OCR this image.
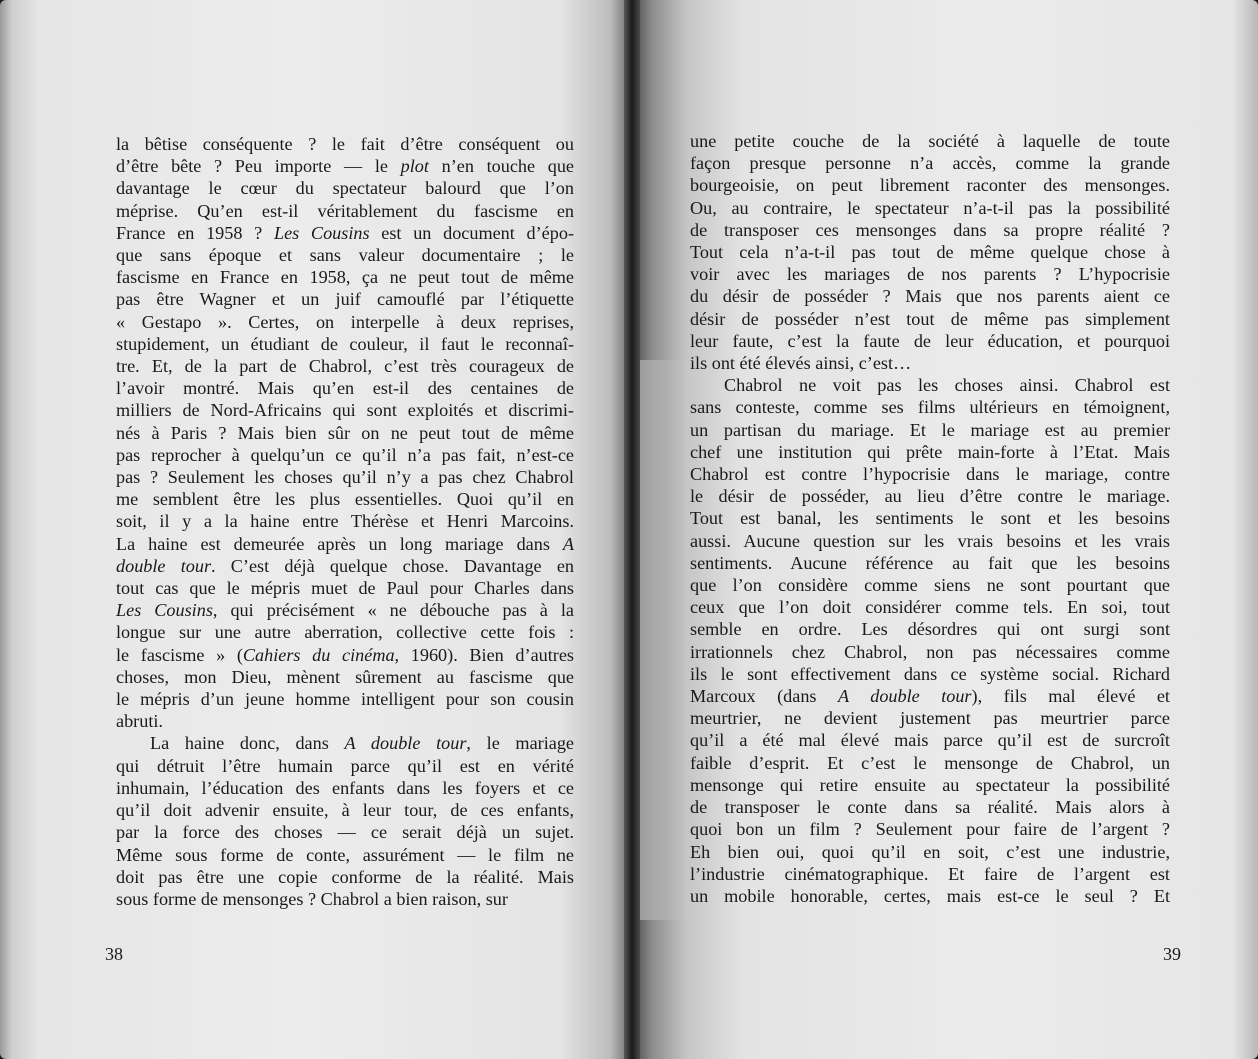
la bêtise conséquente ? le fait d’être conséquent ou
d’être bête ? Peu importe — le plot n’en touche que
davantage le cœur du spectateur balourd que l’on
méprise. Qu’en est-il véritablement du fascisme en
France en 1958 ? Les Cousins est un document d’épo-
que sans époque et sans valeur documentaire ; le
fascisme en France en 1958, ça ne peut tout de même
pas être Wagner et un juif camouflé par l’étiquette
« Gestapo ». Certes, on interpelle à deux reprises,
stupidement, un étudiant de couleur, il faut le reconnaî-
tre. Et, de la part de Chabrol, c’est très courageux de
l’avoir montré. Mais qu’en est-il des centaines de
milliers de Nord-Africains qui sont exploités et discrimi-
nés à Paris ? Mais bien sûr on ne peut tout de même
pas reprocher à quelqu’un ce qu’il n’a pas fait, n’est-ce
pas ? Seulement les choses qu’il n’y a pas chez Chabrol
me semblent être les plus essentielles. Quoi qu’il en
soit, il y a la haine entre Thérèse et Henri Marcoins.
La haine est demeurée après un long mariage dans A
double tour. C’est déjà quelque chose. Davantage en
tout cas que le mépris muet de Paul pour Charles dans
Les Cousins, qui précisément « ne débouche pas à la
longue sur une autre aberration, collective cette fois :
le fascisme » (Cahiers du cinéma, 1960). Bien d’autres
choses, mon Dieu, mènent sûrement au fascisme que
le mépris d’un jeune homme intelligent pour son cousin
abruti.
La haine donc, dans A double tour, le mariage
qui détruit l’être humain parce qu’il est en vérité
inhumain, l’éducation des enfants dans les foyers et ce
qu’il doit advenir ensuite, à leur tour, de ces enfants,
par la force des choses — ce serait déjà un sujet.
Même sous forme de conte, assurément — le film ne
doit pas être une copie conforme de la réalité. Mais
sous forme de mensonges ? Chabrol a bien raison, sur
38
une petite couche de la société à laquelle de toute
façon presque personne n’a accès, comme la grande
bourgeoisie, on peut librement raconter des mensonges.
Ou, au contraire, le spectateur n’a-t-il pas la possibilité
de transposer ces mensonges dans sa propre réalité ?
Tout cela n’a-t-il pas tout de même quelque chose à
voir avec les mariages de nos parents ? L’hypocrisie
du désir de posséder ? Mais que nos parents aient ce
désir de posséder n’est tout de même pas simplement
leur faute, c’est la faute de leur éducation, et pourquoi
ils ont été élevés ainsi, c’est…
Chabrol ne voit pas les choses ainsi. Chabrol est
sans conteste, comme ses films ultérieurs en témoignent,
un partisan du mariage. Et le mariage est au premier
chef une institution qui prête main-forte à l’Etat. Mais
Chabrol est contre l’hypocrisie dans le mariage, contre
le désir de posséder, au lieu d’être contre le mariage.
Tout est banal, les sentiments le sont et les besoins
aussi. Aucune question sur les vrais besoins et les vrais
sentiments. Aucune référence au fait que les besoins
que l’on considère comme siens ne sont pourtant que
ceux que l’on doit considérer comme tels. En soi, tout
semble en ordre. Les désordres qui ont surgi sont
irrationnels chez Chabrol, non pas nécessaires comme
ils le sont effectivement dans ce système social. Richard
Marcoux (dans A double tour), fils mal élevé et
meurtrier, ne devient justement pas meurtrier parce
qu’il a été mal élevé mais parce qu’il est de surcroît
faible d’esprit. Et c’est le mensonge de Chabrol, un
mensonge qui retire ensuite au spectateur la possibilité
de transposer le conte dans sa réalité. Mais alors à
quoi bon un film ? Seulement pour faire de l’argent ?
Eh bien oui, quoi qu’il en soit, c’est une industrie,
l’industrie cinématographique. Et faire de l’argent est
un mobile honorable, certes, mais est-ce le seul ? Et
39
